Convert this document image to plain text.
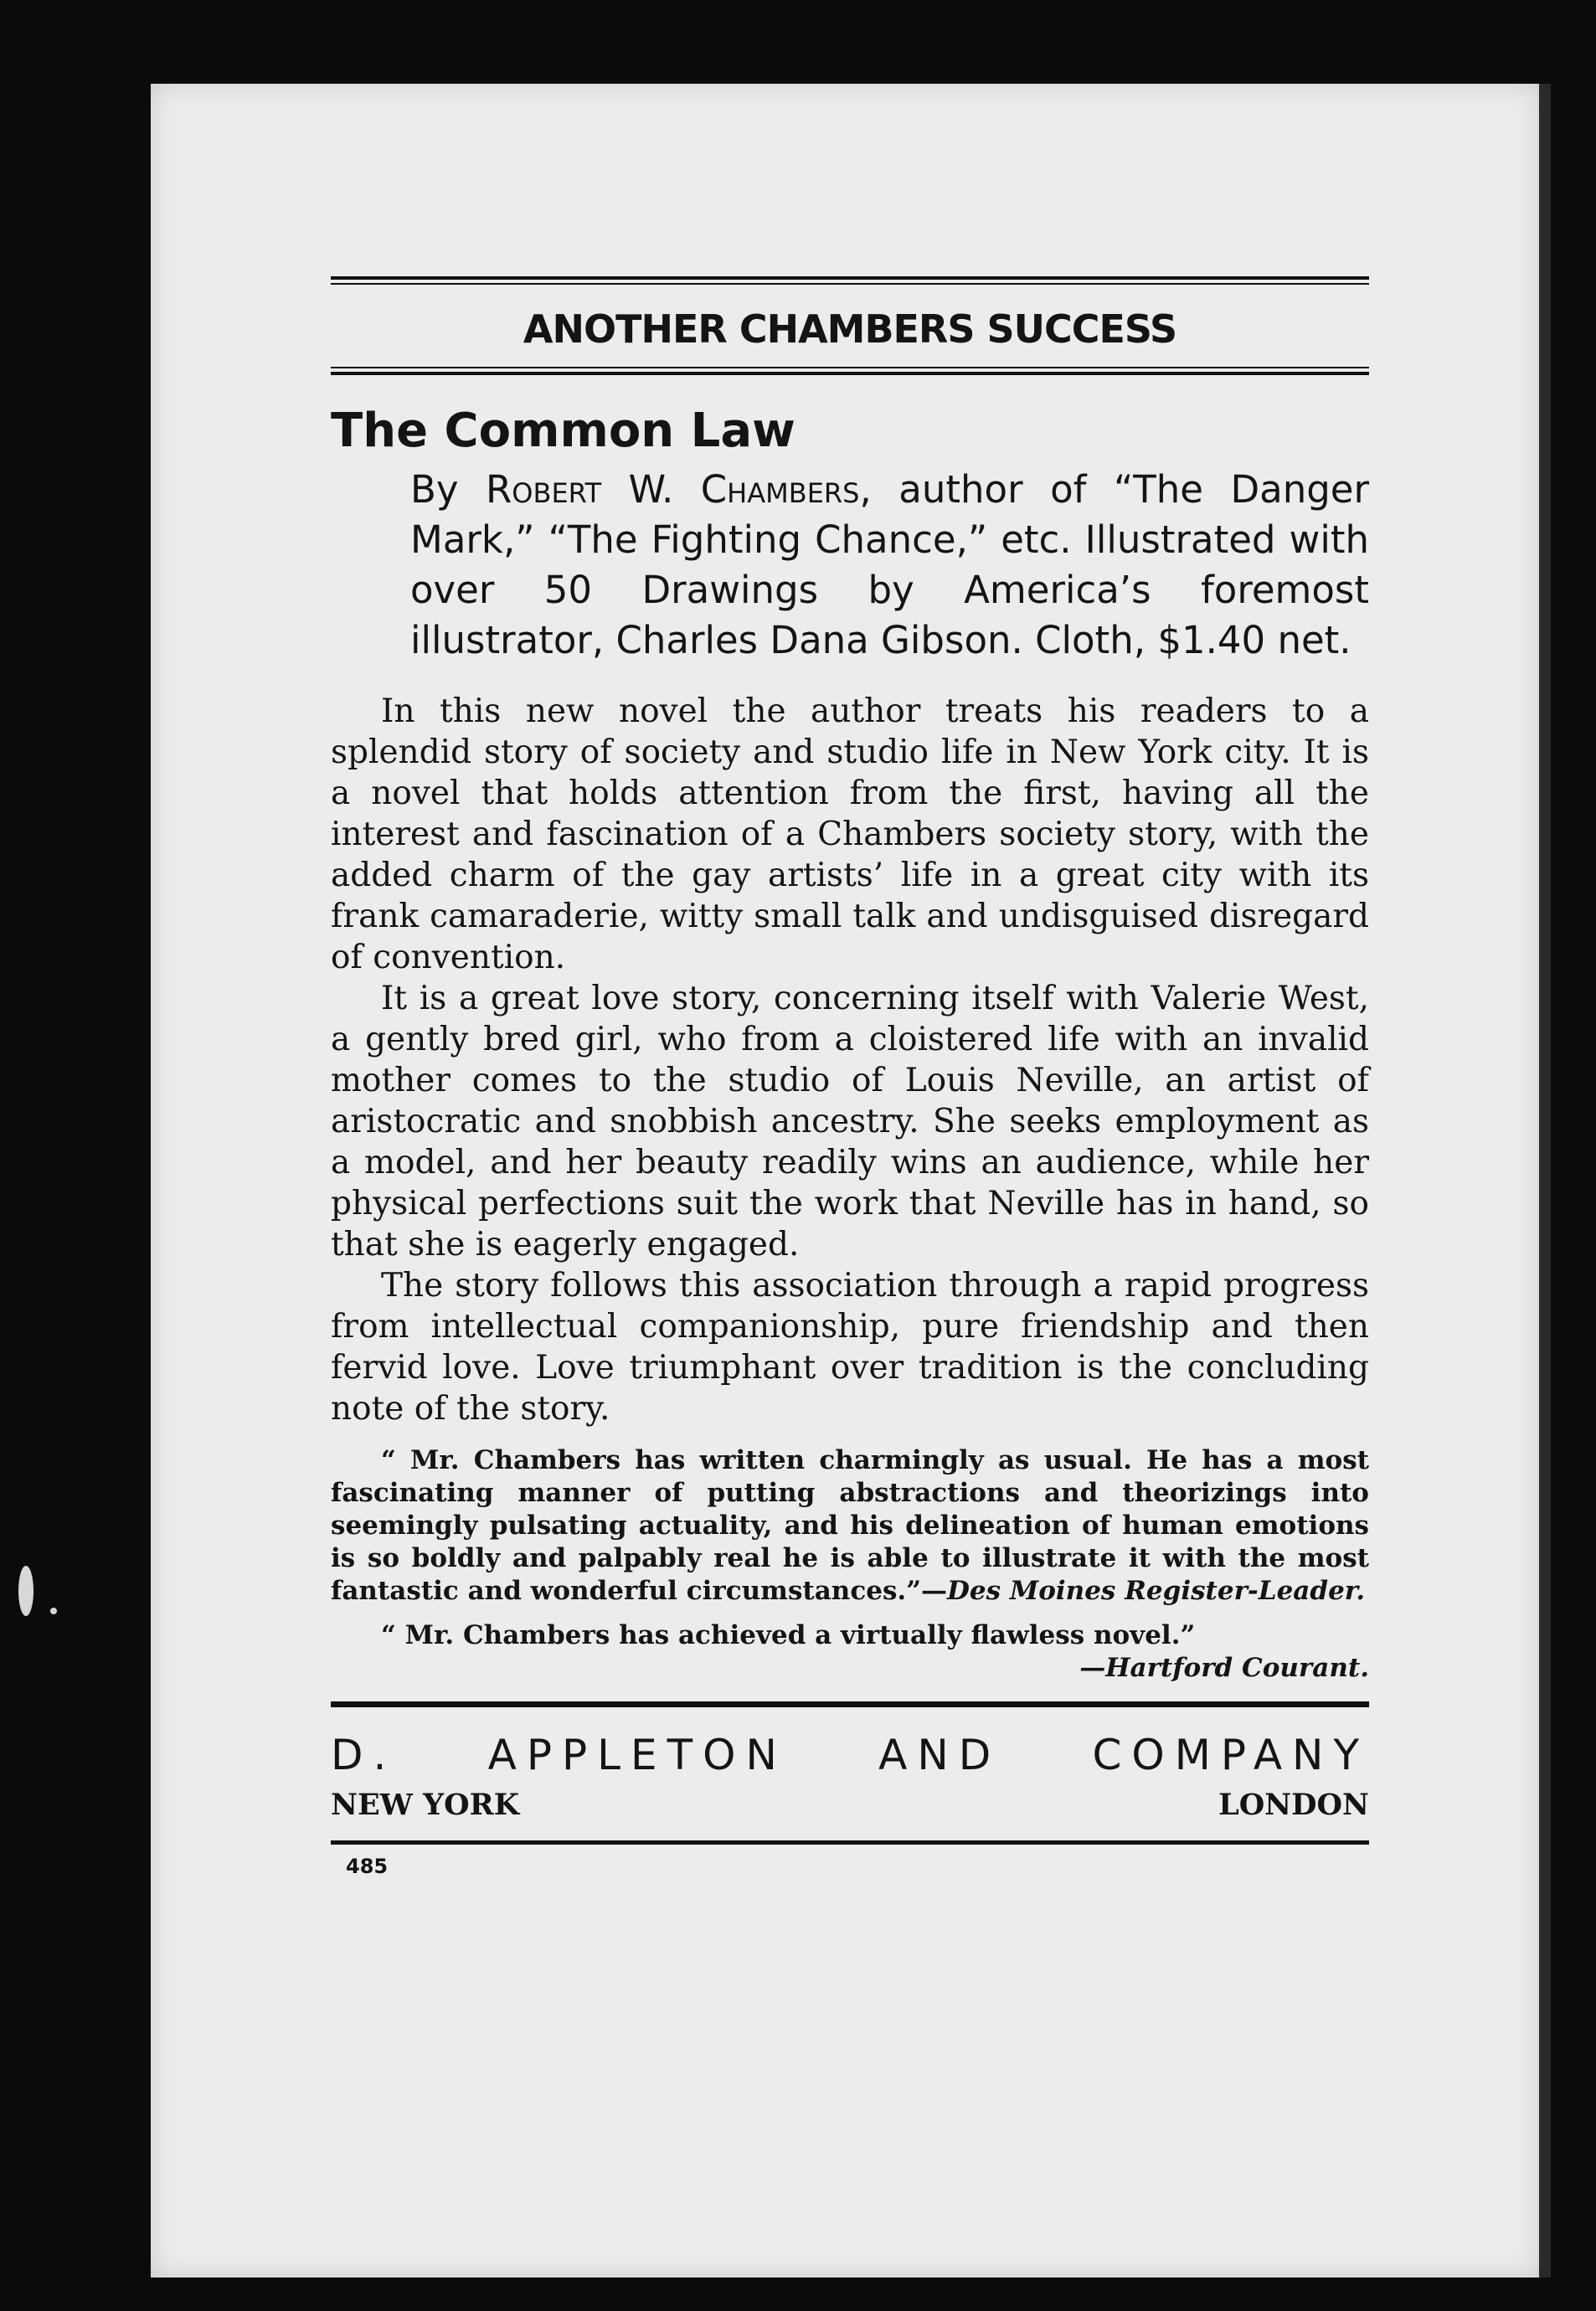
ANOTHER CHAMBERS SUCCESS
The Common Law
By Robert W. Chambers, author of “The Danger Mark,” “The Fighting Chance,” etc. Illustrated with over 50 Drawings by America’s foremost illustrator, Charles Dana Gibson. Cloth, $1.40 net.

In this new novel the author treats his readers to a splendid story of society and studio life in New York city. It is a novel that holds attention from the first, having all the interest and fascination of a Chambers society story, with the added charm of the gay artists’ life in a great city with its frank camaraderie, witty small talk and undisguised disregard of convention.

It is a great love story, concerning itself with Valerie West, a gently bred girl, who from a cloistered life with an invalid mother comes to the studio of Louis Neville, an artist of aristocratic and snobbish ancestry. She seeks employment as a model, and her beauty readily wins an audience, while her physical perfections suit the work that Neville has in hand, so that she is eagerly engaged.

The story follows this association through a rapid progress from intellectual companionship, pure friendship and then fervid love. Love triumphant over tradition is the concluding note of the story.

“ Mr. Chambers has written charmingly as usual. He has a most fascinating manner of putting abstractions and theorizings into seemingly pulsating actuality, and his delineation of human emotions is so boldly and palpably real he is able to illustrate it with the most fantastic and wonderful circumstances.”—Des Moines Register-Leader.

“ Mr. Chambers has achieved a virtually flawless novel.”

—Hartford Courant.

D. APPLETON AND COMPANY
NEW YORK	LONDON
485
